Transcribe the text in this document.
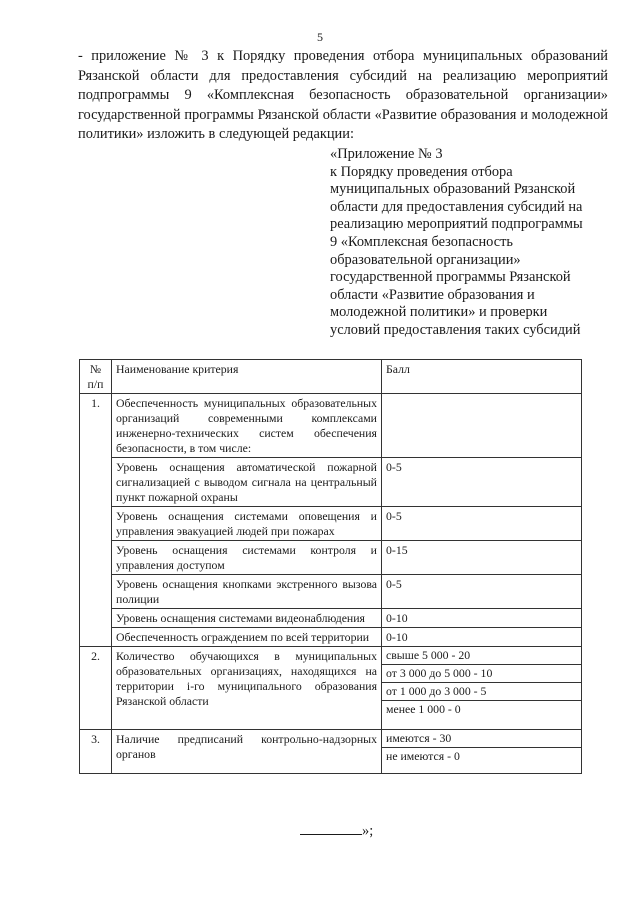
5
- приложение № 3 к Порядку проведения отбора муниципальных образований Рязанской области для предоставления субсидий на реализацию мероприятий подпрограммы 9 «Комплексная безопасность образовательной организации» государственной программы Рязанской области «Развитие образования и молодежной политики» изложить в следующей редакции:
«Приложение № 3
к Порядку проведения отбора
муниципальных образований Рязанской
области для предоставления субсидий на
реализацию мероприятий подпрограммы
9 «Комплексная безопасность
образовательной организации»
государственной программы Рязанской
области «Развитие образования и
молодежной политики» и проверки
условий предоставления таких субсидий
№ п/п	Наименование критерия	Балл
1.	Обеспеченность муниципальных образовательных организаций современными комплексами инженерно-технических систем обеспечения безопасности, в том числе:	
	Уровень оснащения автоматической пожарной сигнализацией с выводом сигнала на центральный пункт пожарной охраны	0-5
	Уровень оснащения системами оповещения и управления эвакуацией людей при пожарах	0-5
	Уровень оснащения системами контроля и управления доступом	0-15
	Уровень оснащения кнопками экстренного вызова полиции	0-5
	Уровень оснащения системами видеонаблюдения	0-10
	Обеспеченность ограждением по всей территории	0-10
2.	Количество обучающихся в муниципальных образовательных организациях, находящихся на территории i-го муниципального образования Рязанской области	свыше 5 000 - 20
от 3 000 до 5 000 - 10
от 1 000 до 3 000 - 5
менее 1 000 - 0

3.	Наличие предписаний контрольно-надзорных органов	имеются - 30
не имеются - 0
»;
